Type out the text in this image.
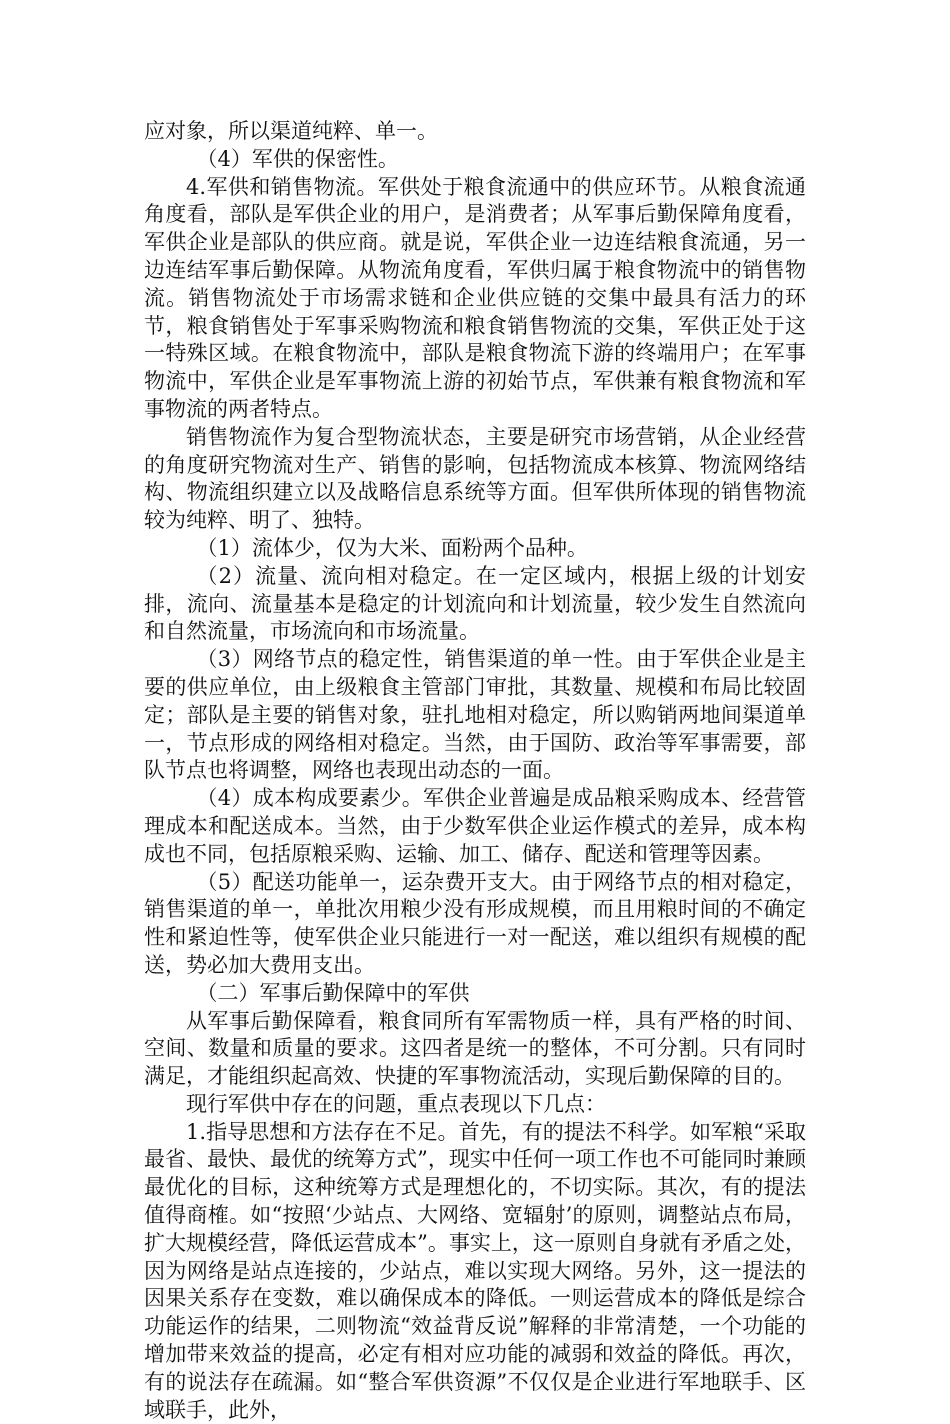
应对象，所以渠道纯粹、单一。

（4）军供的保密性。

4.军供和销售物流。军供处于粮食流通中的供应环节。从粮食流通角度看，部队是军供企业的用户，是消费者；从军事后勤保障角度看，军供企业是部队的供应商。就是说，军供企业一边连结粮食流通，另一边连结军事后勤保障。从物流角度看，军供归属于粮食物流中的销售物流。销售物流处于市场需求链和企业供应链的交集中最具有活力的环节，粮食销售处于军事采购物流和粮食销售物流的交集，军供正处于这一特殊区域。在粮食物流中，部队是粮食物流下游的终端用户；在军事物流中，军供企业是军事物流上游的初始节点，军供兼有粮食物流和军事物流的两者特点。

销售物流作为复合型物流状态，主要是研究市场营销，从企业经营的角度研究物流对生产、销售的影响，包括物流成本核算、物流网络结构、物流组织建立以及战略信息系统等方面。但军供所体现的销售物流较为纯粹、明了、独特。

（1）流体少，仅为大米、面粉两个品种。

（2）流量、流向相对稳定。在一定区域内，根据上级的计划安排，流向、流量基本是稳定的计划流向和计划流量，较少发生自然流向和自然流量，市场流向和市场流量。

（3）网络节点的稳定性，销售渠道的单一性。由于军供企业是主要的供应单位，由上级粮食主管部门审批，其数量、规模和布局比较固定；部队是主要的销售对象，驻扎地相对稳定，所以购销两地间渠道单一，节点形成的网络相对稳定。当然，由于国防、政治等军事需要，部队节点也将调整，网络也表现出动态的一面。

（4）成本构成要素少。军供企业普遍是成品粮采购成本、经营管理成本和配送成本。当然，由于少数军供企业运作模式的差异，成本构成也不同，包括原粮采购、运输、加工、储存、配送和管理等因素。

（5）配送功能单一，运杂费开支大。由于网络节点的相对稳定，销售渠道的单一，单批次用粮少没有形成规模，而且用粮时间的不确定性和紧迫性等，使军供企业只能进行一对一配送，难以组织有规模的配送，势必加大费用支出。

（二）军事后勤保障中的军供

从军事后勤保障看，粮食同所有军需物质一样，具有严格的时间、空间、数量和质量的要求。这四者是统一的整体，不可分割。只有同时满足，才能组织起高效、快捷的军事物流活动，实现后勤保障的目的。

现行军供中存在的问题，重点表现以下几点：

1.指导思想和方法存在不足。首先，有的提法不科学。如军粮“采取最省、最快、最优的统筹方式”，现实中任何一项工作也不可能同时兼顾最优化的目标，这种统筹方式是理想化的，不切实际。其次，有的提法值得商榷。如“按照‘少站点、大网络、宽辐射’的原则，调整站点布局，扩大规模经营，降低运营成本”。事实上，这一原则自身就有矛盾之处，因为网络是站点连接的，少站点，难以实现大网络。另外，这一提法的因果关系存在变数，难以确保成本的降低。一则运营成本的降低是综合功能运作的结果，二则物流“效益背反说”解释的非常清楚，一个功能的增加带来效益的提高，必定有相对应功能的减弱和效益的降低。再次，有的说法存在疏漏。如“整合军供资源”不仅仅是企业进行军地联手、区域联手，此外，
